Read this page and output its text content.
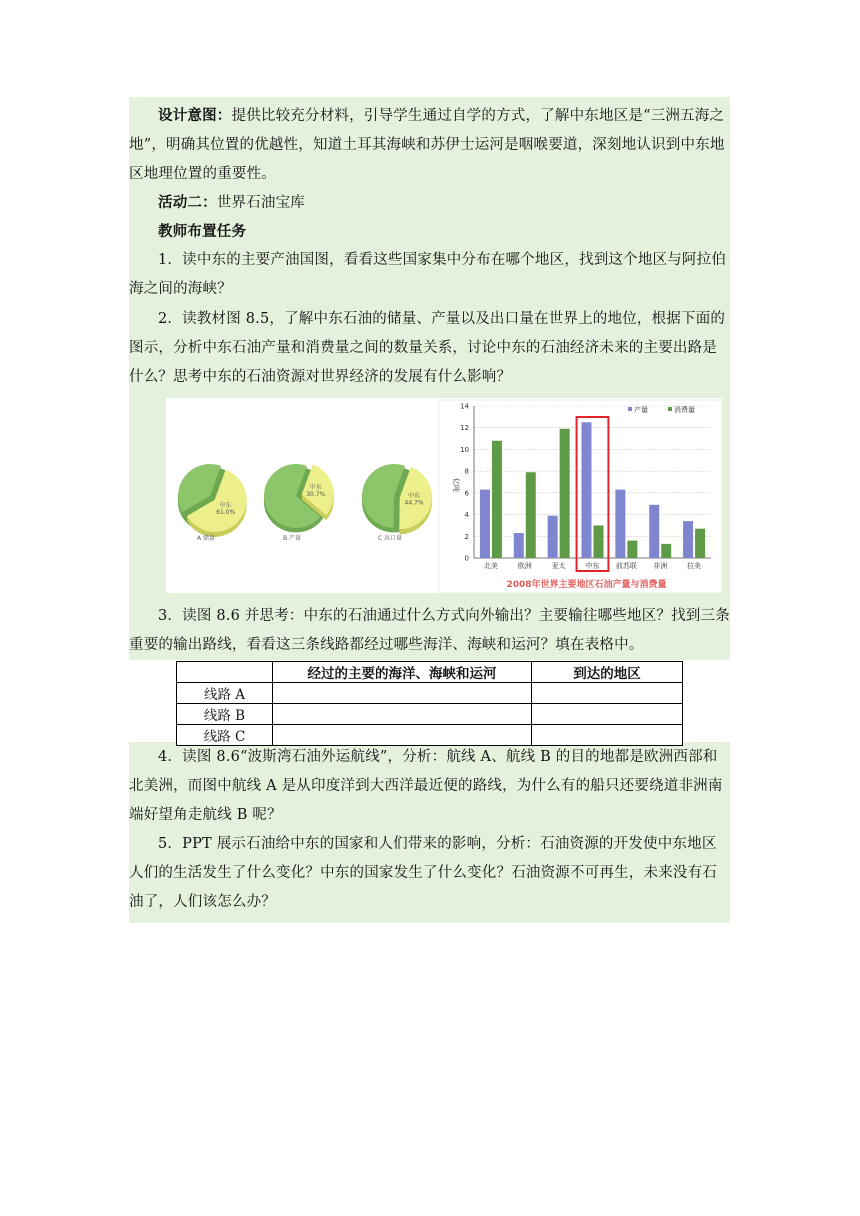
设计意图：提供比较充分材料，引导学生通过自学的方式，了解中东地区是“三洲五海之地”，明确其位置的优越性，知道土耳其海峡和苏伊士运河是咽喉要道，深刻地认识到中东地区地理位置的重要性。

活动二：世界石油宝库

教师布置任务

1．读中东的主要产油国图，看看这些国家集中分布在哪个地区，找到这个地区与阿拉伯海之间的海峡？

2．读教材图 8.5，了解中东石油的储量、产量以及出口量在世界上的地位，根据下面的图示，分析中东石油产量和消费量之间的数量关系，讨论中东的石油经济未来的主要出路是什么？思考中东的石油资源对世界经济的发展有什么影响？

中东
61.0%
A 储量
中东
30.7%
B 产量
中东
44.7%
C 出口量
0
2
4
6
8
10
12
14
亿吨
北美	欧洲	亚太	中东 前苏联 非洲	拉美
产量	消费量
2008年世界主要地区石油产量与消费量

3．读图 8.6 并思考：中东的石油通过什么方式向外输出？主要输往哪些地区？找到三条重要的输出路线，看看这三条线路都经过哪些海洋、海峡和运河？填在表格中。

	经过的主要的海洋、海峡和运河	到达的地区
线路 A		
线路 B		
线路 C		

4．读图 8.6“波斯湾石油外运航线”，分析：航线 A、航线 B 的目的地都是欧洲西部和北美洲，而图中航线 A 是从印度洋到大西洋最近便的路线，为什么有的船只还要绕道非洲南端好望角走航线 B 呢？

5．PPT 展示石油给中东的国家和人们带来的影响，分析：石油资源的开发使中东地区人们的生活发生了什么变化？中东的国家发生了什么变化？石油资源不可再生，未来没有石油了，人们该怎么办？
